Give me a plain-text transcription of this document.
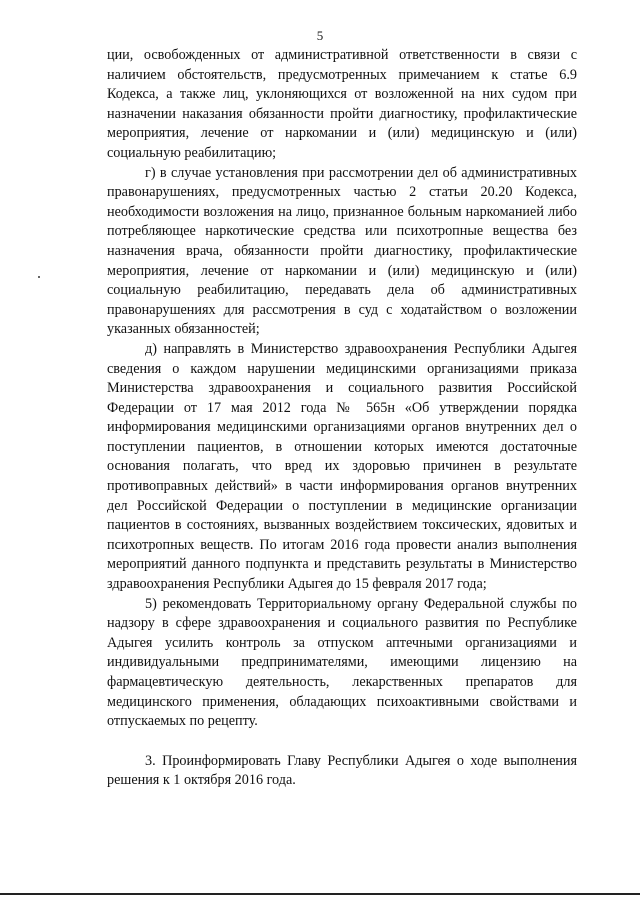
5

ции, освобожденных от административной ответственности в связи с наличием обстоятельств, предусмотренных примечанием к статье 6.9 Кодекса, а также лиц, уклоняющихся от возложенной на них судом при назначении наказания обязанности пройти диагностику, профилактические мероприятия, лечение от наркомании и (или) медицинскую и (или) социальную реабилитацию;

г) в случае установления при рассмотрении дел об административных правонарушениях, предусмотренных частью 2 статьи 20.20 Кодекса, необходимости возложения на лицо, признанное больным наркоманией либо потребляющее наркотические средства или психотропные вещества без назначения врача, обязанности пройти диагностику, профилактические мероприятия, лечение от наркомании и (или) медицинскую и (или) социальную реабилитацию, передавать дела об административных правонарушениях для рассмотрения в суд с ходатайством о возложении указанных обязанностей;

д) направлять в Министерство здравоохранения Республики Адыгея сведения о каждом нарушении медицинскими организациями приказа Министерства здравоохранения и социального развития Российской Федерации от 17 мая 2012 года № 565н «Об утверждении порядка информирования медицинскими организациями органов внутренних дел о поступлении пациентов, в отношении которых имеются достаточные основания полагать, что вред их здоровью причинен в результате противоправных действий» в части информирования органов внутренних дел Российской Федерации о поступлении в медицинские организации пациентов в состояниях, вызванных воздействием токсических, ядовитых и психотропных веществ. По итогам 2016 года провести анализ выполнения мероприятий данного подпункта и представить результаты в Министерство здравоохранения Республики Адыгея до 15 февраля 2017 года;

5) рекомендовать Территориальному органу Федеральной службы по надзору в сфере здравоохранения и социального развития по Республике Адыгея усилить контроль за отпуском аптечными организациями и индивидуальными предпринимателями, имеющими лицензию на фармацевтическую деятельность, лекарственных препаратов для медицинского применения, обладающих психоактивными свойствами и отпускаемых по рецепту.

3. Проинформировать Главу Республики Адыгея о ходе выполнения решения к 1 октября 2016 года.
